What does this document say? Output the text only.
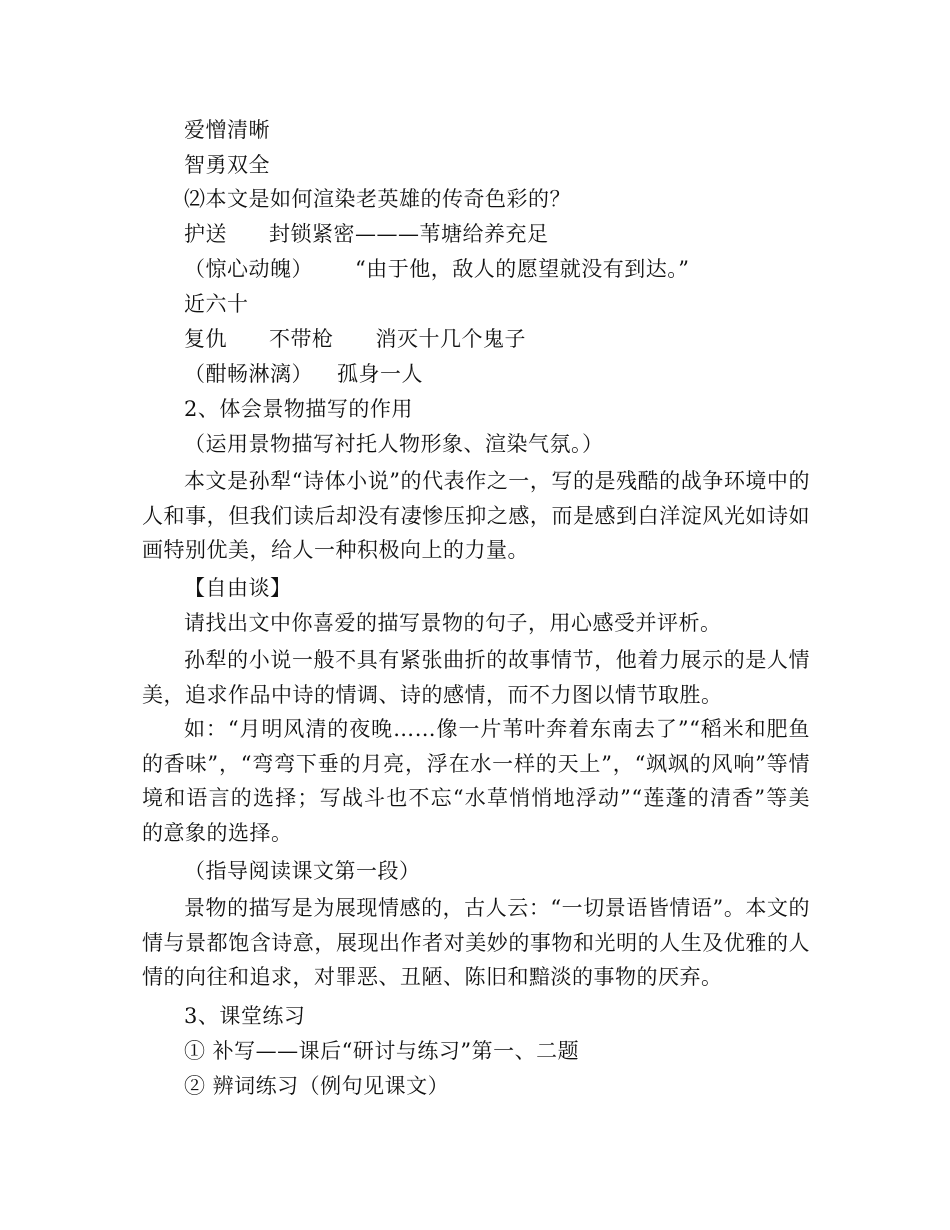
爱憎清晰
智勇双全
⑵本文是如何渲染老英雄的传奇色彩的？
护送 封锁紧密———苇塘给养充足
（惊心动魄） “由于他，敌人的愿望就没有到达。”
近六十
复仇 不带枪 消灭十几个鬼子
（酣畅淋漓） 孤身一人
2、体会景物描写的作用
（运用景物描写衬托人物形象、渲染气氛。）
本文是孙犁“诗体小说”的代表作之一，写的是残酷的战争环境中的人和事，但我们读后却没有凄惨压抑之感，而是感到白洋淀风光如诗如画特别优美，给人一种积极向上的力量。
【自由谈】
请找出文中你喜爱的描写景物的句子，用心感受并评析。
孙犁的小说一般不具有紧张曲折的故事情节，他着力展示的是人情美，追求作品中诗的情调、诗的感情，而不力图以情节取胜。
如：“月明风清的夜晚……像一片苇叶奔着东南去了”“稻米和肥鱼的香味”，“弯弯下垂的月亮，浮在水一样的天上”，“飒飒的风响”等情境和语言的选择；写战斗也不忘“水草悄悄地浮动”“莲蓬的清香”等美的意象的选择。
（指导阅读课文第一段）
景物的描写是为展现情感的，古人云：“一切景语皆情语”。本文的情与景都饱含诗意，展现出作者对美妙的事物和光明的人生及优雅的人情的向往和追求，对罪恶、丑陋、陈旧和黯淡的事物的厌弃。
3、课堂练习
① 补写——课后“研讨与练习”第一、二题
② 辨词练习（例句见课文）
